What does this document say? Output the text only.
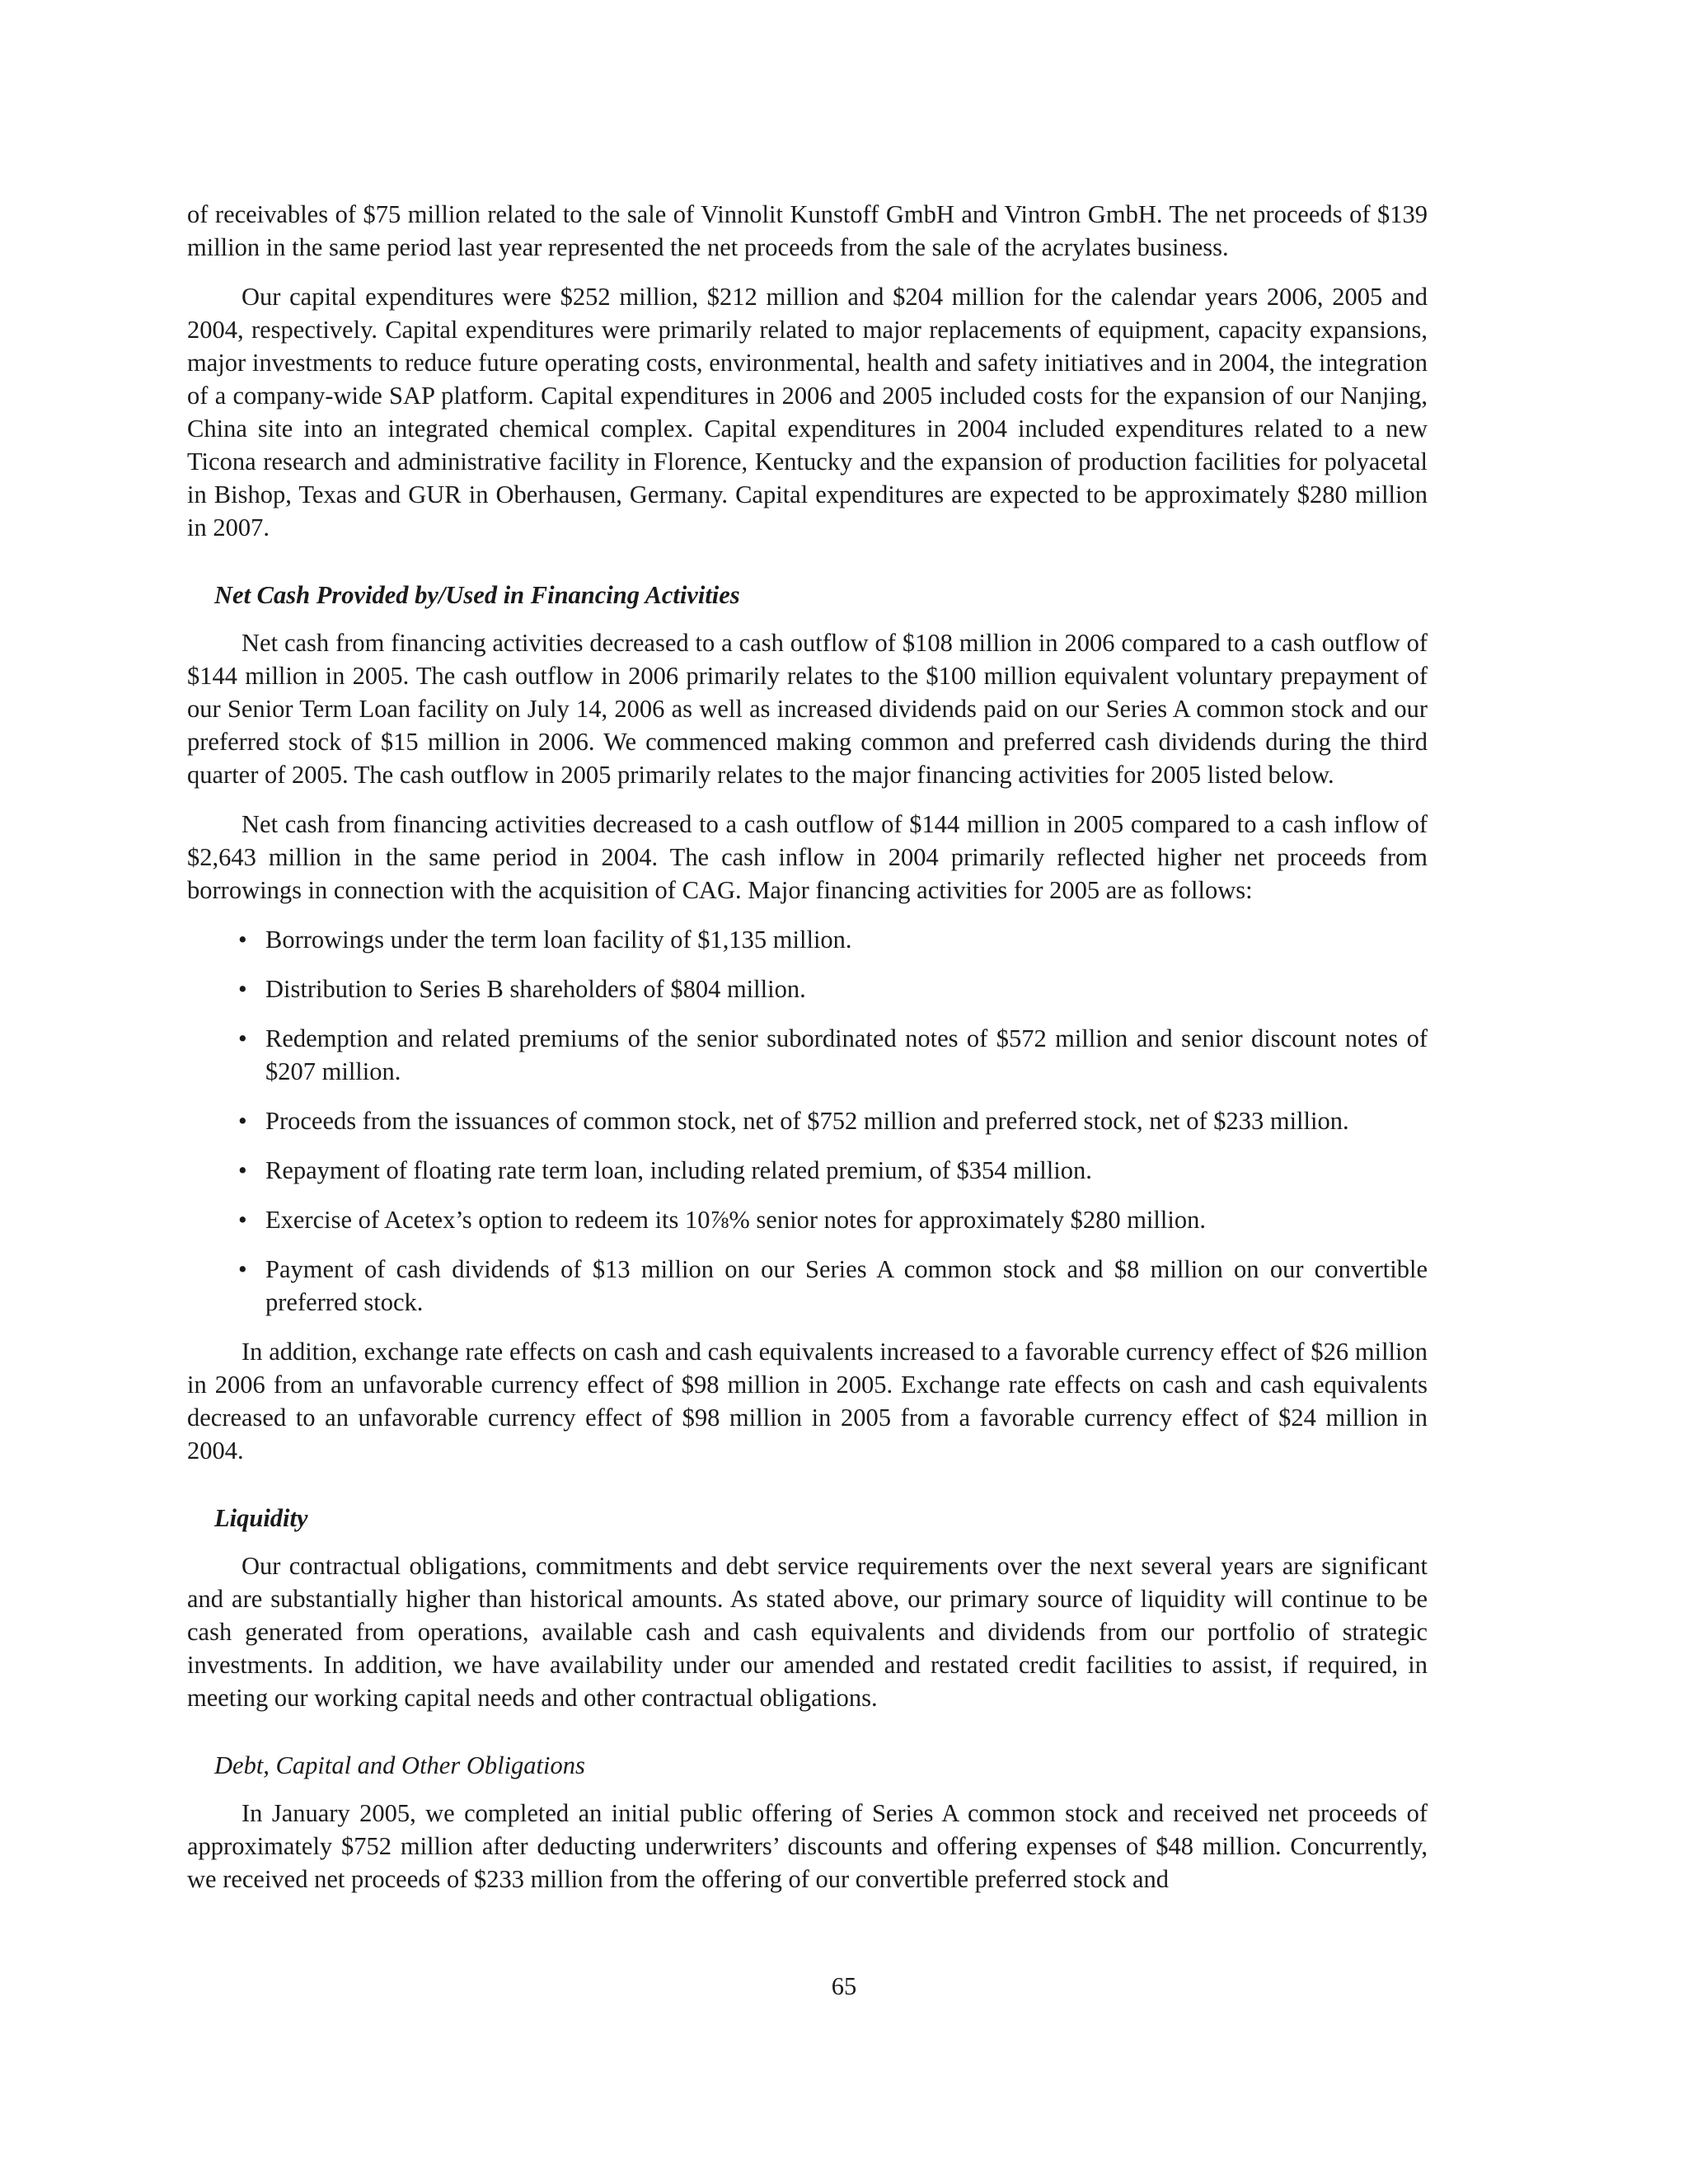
of receivables of $75 million related to the sale of Vinnolit Kunstoff GmbH and Vintron GmbH. The net proceeds of $139 million in the same period last year represented the net proceeds from the sale of the acrylates business.

Our capital expenditures were $252 million, $212 million and $204 million for the calendar years 2006, 2005 and 2004, respectively. Capital expenditures were primarily related to major replacements of equipment, capacity expansions, major investments to reduce future operating costs, environmental, health and safety initiatives and in 2004, the integration of a company-wide SAP platform. Capital expenditures in 2006 and 2005 included costs for the expansion of our Nanjing, China site into an integrated chemical complex. Capital expenditures in 2004 included expenditures related to a new Ticona research and administrative facility in Florence, Kentucky and the expansion of production facilities for polyacetal in Bishop, Texas and GUR in Oberhausen, Germany. Capital expenditures are expected to be approximately $280 million in 2007.

Net Cash Provided by/Used in Financing Activities

Net cash from financing activities decreased to a cash outflow of $108 million in 2006 compared to a cash outflow of $144 million in 2005. The cash outflow in 2006 primarily relates to the $100 million equivalent voluntary prepayment of our Senior Term Loan facility on July 14, 2006 as well as increased dividends paid on our Series A common stock and our preferred stock of $15 million in 2006. We commenced making common and preferred cash dividends during the third quarter of 2005. The cash outflow in 2005 primarily relates to the major financing activities for 2005 listed below.

Net cash from financing activities decreased to a cash outflow of $144 million in 2005 compared to a cash inflow of $2,643 million in the same period in 2004. The cash inflow in 2004 primarily reflected higher net proceeds from borrowings in connection with the acquisition of CAG. Major financing activities for 2005 are as follows:

• Borrowings under the term loan facility of $1,135 million.
• Distribution to Series B shareholders of $804 million.
• Redemption and related premiums of the senior subordinated notes of $572 million and senior discount notes of $207 million.
• Proceeds from the issuances of common stock, net of $752 million and preferred stock, net of $233 million.
• Repayment of floating rate term loan, including related premium, of $354 million.
• Exercise of Acetex’s option to redeem its 10⅞% senior notes for approximately $280 million.
• Payment of cash dividends of $13 million on our Series A common stock and $8 million on our convertible preferred stock.

In addition, exchange rate effects on cash and cash equivalents increased to a favorable currency effect of $26 million in 2006 from an unfavorable currency effect of $98 million in 2005. Exchange rate effects on cash and cash equivalents decreased to an unfavorable currency effect of $98 million in 2005 from a favorable currency effect of $24 million in 2004.

Liquidity

Our contractual obligations, commitments and debt service requirements over the next several years are significant and are substantially higher than historical amounts. As stated above, our primary source of liquidity will continue to be cash generated from operations, available cash and cash equivalents and dividends from our portfolio of strategic investments. In addition, we have availability under our amended and restated credit facilities to assist, if required, in meeting our working capital needs and other contractual obligations.

Debt, Capital and Other Obligations

In January 2005, we completed an initial public offering of Series A common stock and received net proceeds of approximately $752 million after deducting underwriters’ discounts and offering expenses of $48 million. Concurrently, we received net proceeds of $233 million from the offering of our convertible preferred stock and

65
